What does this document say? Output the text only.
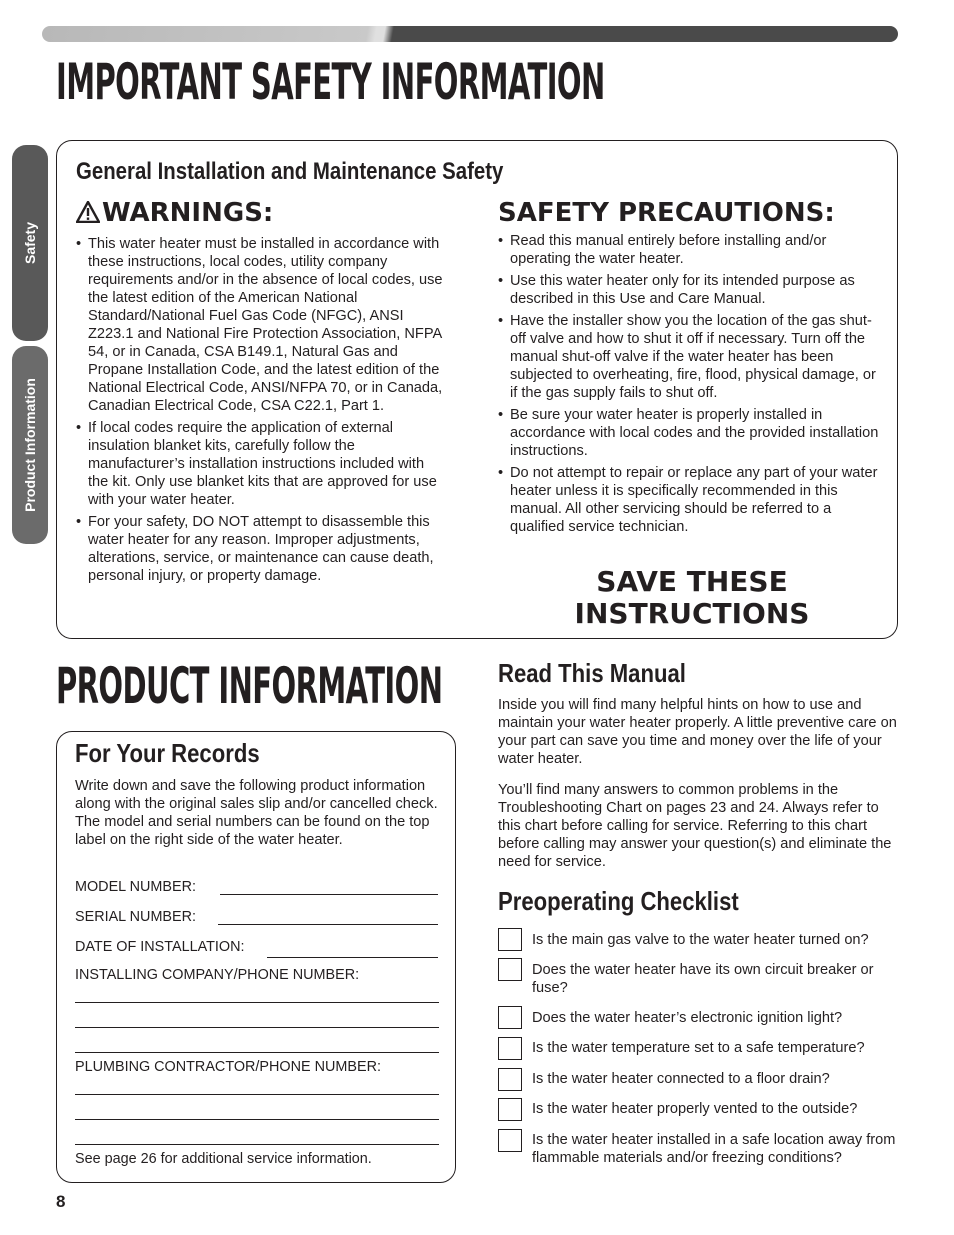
IMPORTANT SAFETY INFORMATION
Safety
Product Information
General Installation and Maintenance Safety
WARNINGS:
• This water heater must be installed in accordance with these instructions, local codes, utility company requirements and/or in the absence of local codes, use the latest edition of the American National Standard/National Fuel Gas Code (NFGC), ANSI Z223.1 and National Fire Protection Association, NFPA 54, or in Canada, CSA B149.1, Natural Gas and Propane Installation Code, and the latest edition of the National Electrical Code, ANSI/NFPA 70, or in Canada, Canadian Electrical Code, CSA C22.1, Part 1.
• If local codes require the application of external insulation blanket kits, carefully follow the manufacturer’s installation instructions included with the kit. Only use blanket kits that are approved for use with your water heater.
• For your safety, DO NOT attempt to disassemble this water heater for any reason. Improper adjustments, alterations, service, or maintenance can cause death, personal injury, or property damage.
SAFETY PRECAUTIONS:
• Read this manual entirely before installing and/or operating the water heater.
• Use this water heater only for its intended purpose as described in this Use and Care Manual.
• Have the installer show you the location of the gas shut-off valve and how to shut it off if necessary. Turn off the manual shut-off valve if the water heater has been subjected to overheating, fire, flood, physical damage, or if the gas supply fails to shut off.
• Be sure your water heater is properly installed in accordance with local codes and the provided installation instructions.
• Do not attempt to repair or replace any part of your water heater unless it is specifically recommended in this manual. All other servicing should be referred to a qualified service technician.
SAVE THESE
INSTRUCTIONS
PRODUCT INFORMATION
For Your Records
Write down and save the following product information along with the original sales slip and/or cancelled check. The model and serial numbers can be found on the top label on the right side of the water heater.
MODEL NUMBER:
SERIAL NUMBER:
DATE OF INSTALLATION:
INSTALLING COMPANY/PHONE NUMBER:
PLUMBING CONTRACTOR/PHONE NUMBER:
See page 26 for additional service information.
Read This Manual
Inside you will find many helpful hints on how to use and maintain your water heater properly. A little preventive care on your part can save you time and money over the life of your water heater.
You’ll find many answers to common problems in the Troubleshooting Chart on pages 23 and 24. Always refer to this chart before calling for service. Referring to this chart before calling may answer your question(s) and eliminate the need for service.
Preoperating Checklist
Is the main gas valve to the water heater turned on?
Does the water heater have its own circuit breaker or fuse?
Does the water heater’s electronic ignition light?
Is the water temperature set to a safe temperature?
Is the water heater connected to a floor drain?
Is the water heater properly vented to the outside?
Is the water heater installed in a safe location away from flammable materials and/or freezing conditions?
8
